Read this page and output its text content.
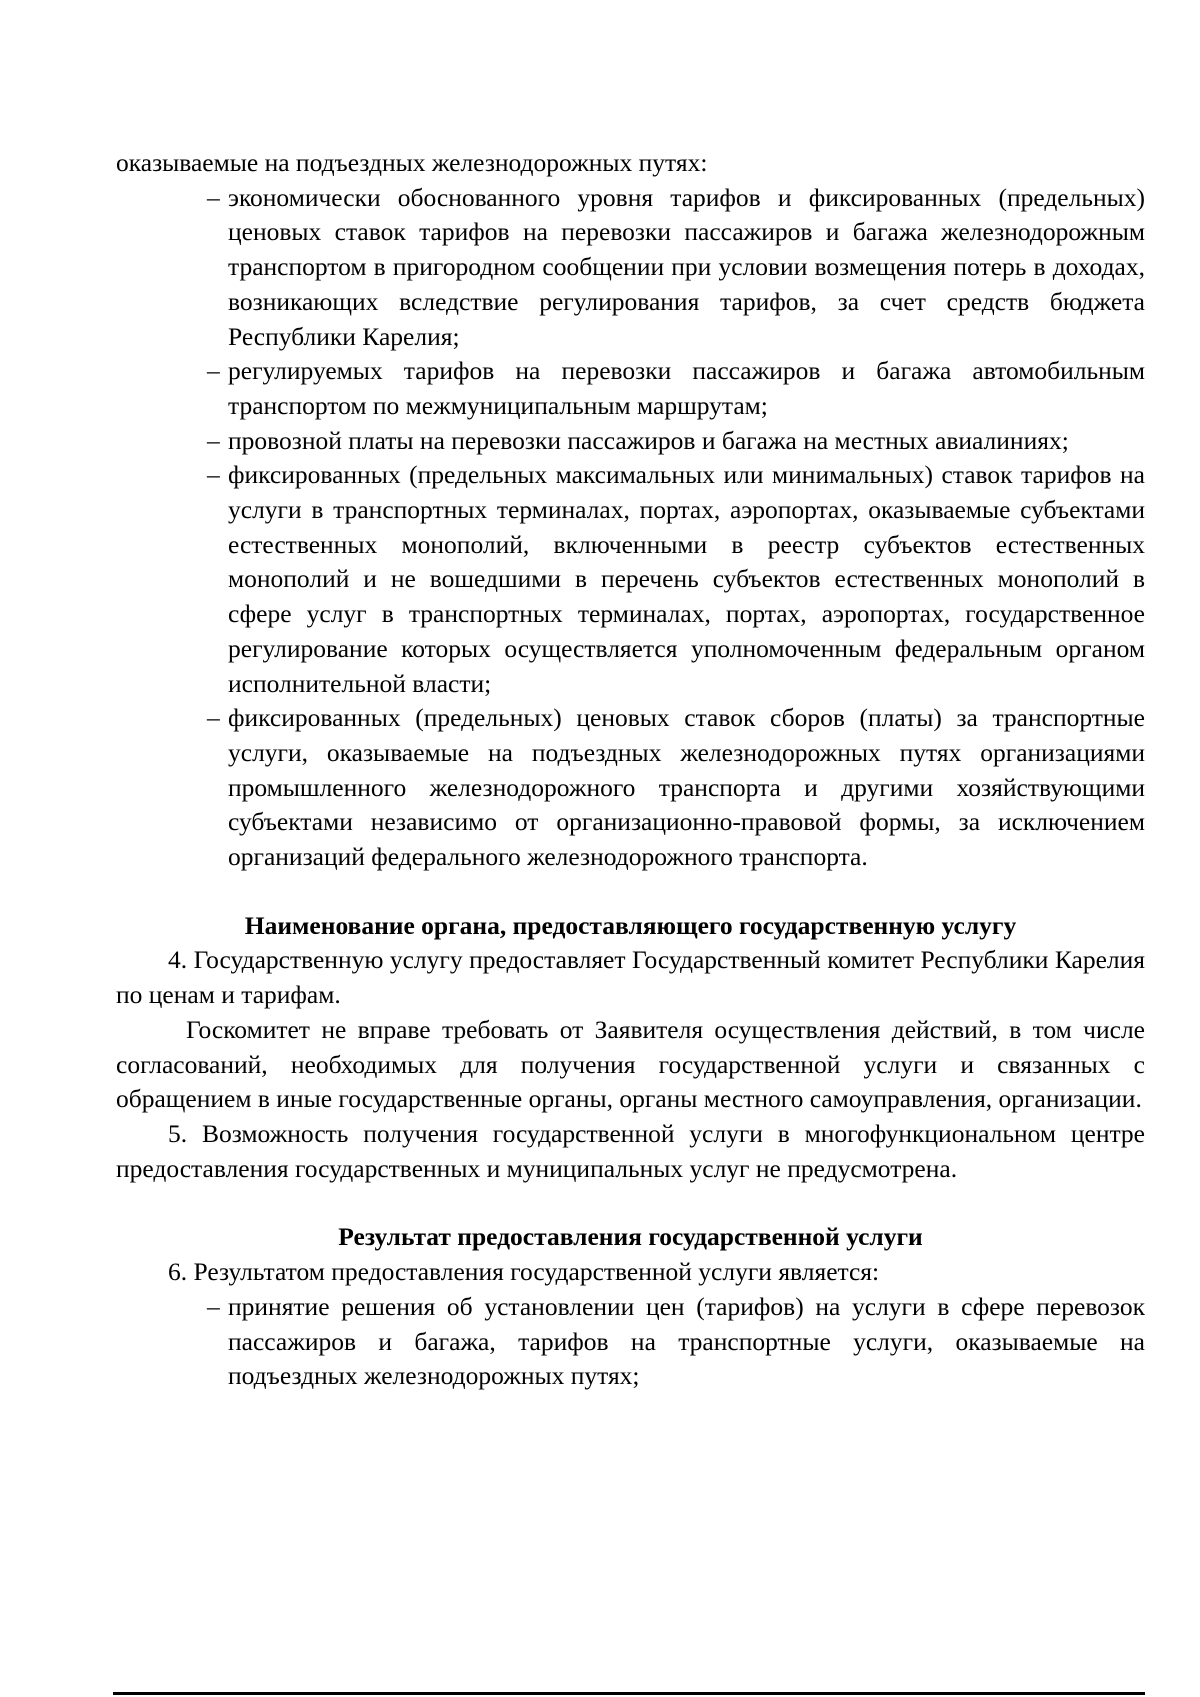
оказываемые на подъездных железнодорожных путях:

– экономически обоснованного уровня тарифов и фиксированных (предельных) ценовых ставок тарифов на перевозки пассажиров и багажа железнодорожным транспортом в пригородном сообщении при условии возмещения потерь в доходах, возникающих вследствие регулирования тарифов, за счет средств бюджета Республики Карелия;
– регулируемых тарифов на перевозки пассажиров и багажа автомобильным транспортом по межмуниципальным маршрутам;
– провозной платы на перевозки пассажиров и багажа на местных авиалиниях;
– фиксированных (предельных максимальных или минимальных) ставок тарифов на услуги в транспортных терминалах, портах, аэропортах, оказываемые субъектами естественных монополий, включенными в реестр субъектов естественных монополий и не вошедшими в перечень субъектов естественных монополий в сфере услуг в транспортных терминалах, портах, аэропортах, государственное регулирование которых осуществляется уполномоченным федеральным органом исполнительной власти;
– фиксированных (предельных) ценовых ставок сборов (платы) за транспортные услуги, оказываемые на подъездных железнодорожных путях организациями промышленного железнодорожного транспорта и другими хозяйствующими субъектами независимо от организационно-правовой формы, за исключением организаций федерального железнодорожного транспорта.

Наименование органа, предоставляющего государственную услугу

4. Государственную услугу предоставляет Государственный комитет Республики Карелия по ценам и тарифам.

Госкомитет не вправе требовать от Заявителя осуществления действий, в том числе согласований, необходимых для получения государственной услуги и связанных с обращением в иные государственные органы, органы местного самоуправления, организации.

5. Возможность получения государственной услуги в многофункциональном центре предоставления государственных и муниципальных услуг не предусмотрена.

Результат предоставления государственной услуги

6. Результатом предоставления государственной услуги является:

– принятие решения об установлении цен (тарифов) на услуги в сфере перевозок пассажиров и багажа, тарифов на транспортные услуги, оказываемые на подъездных железнодорожных путях;
